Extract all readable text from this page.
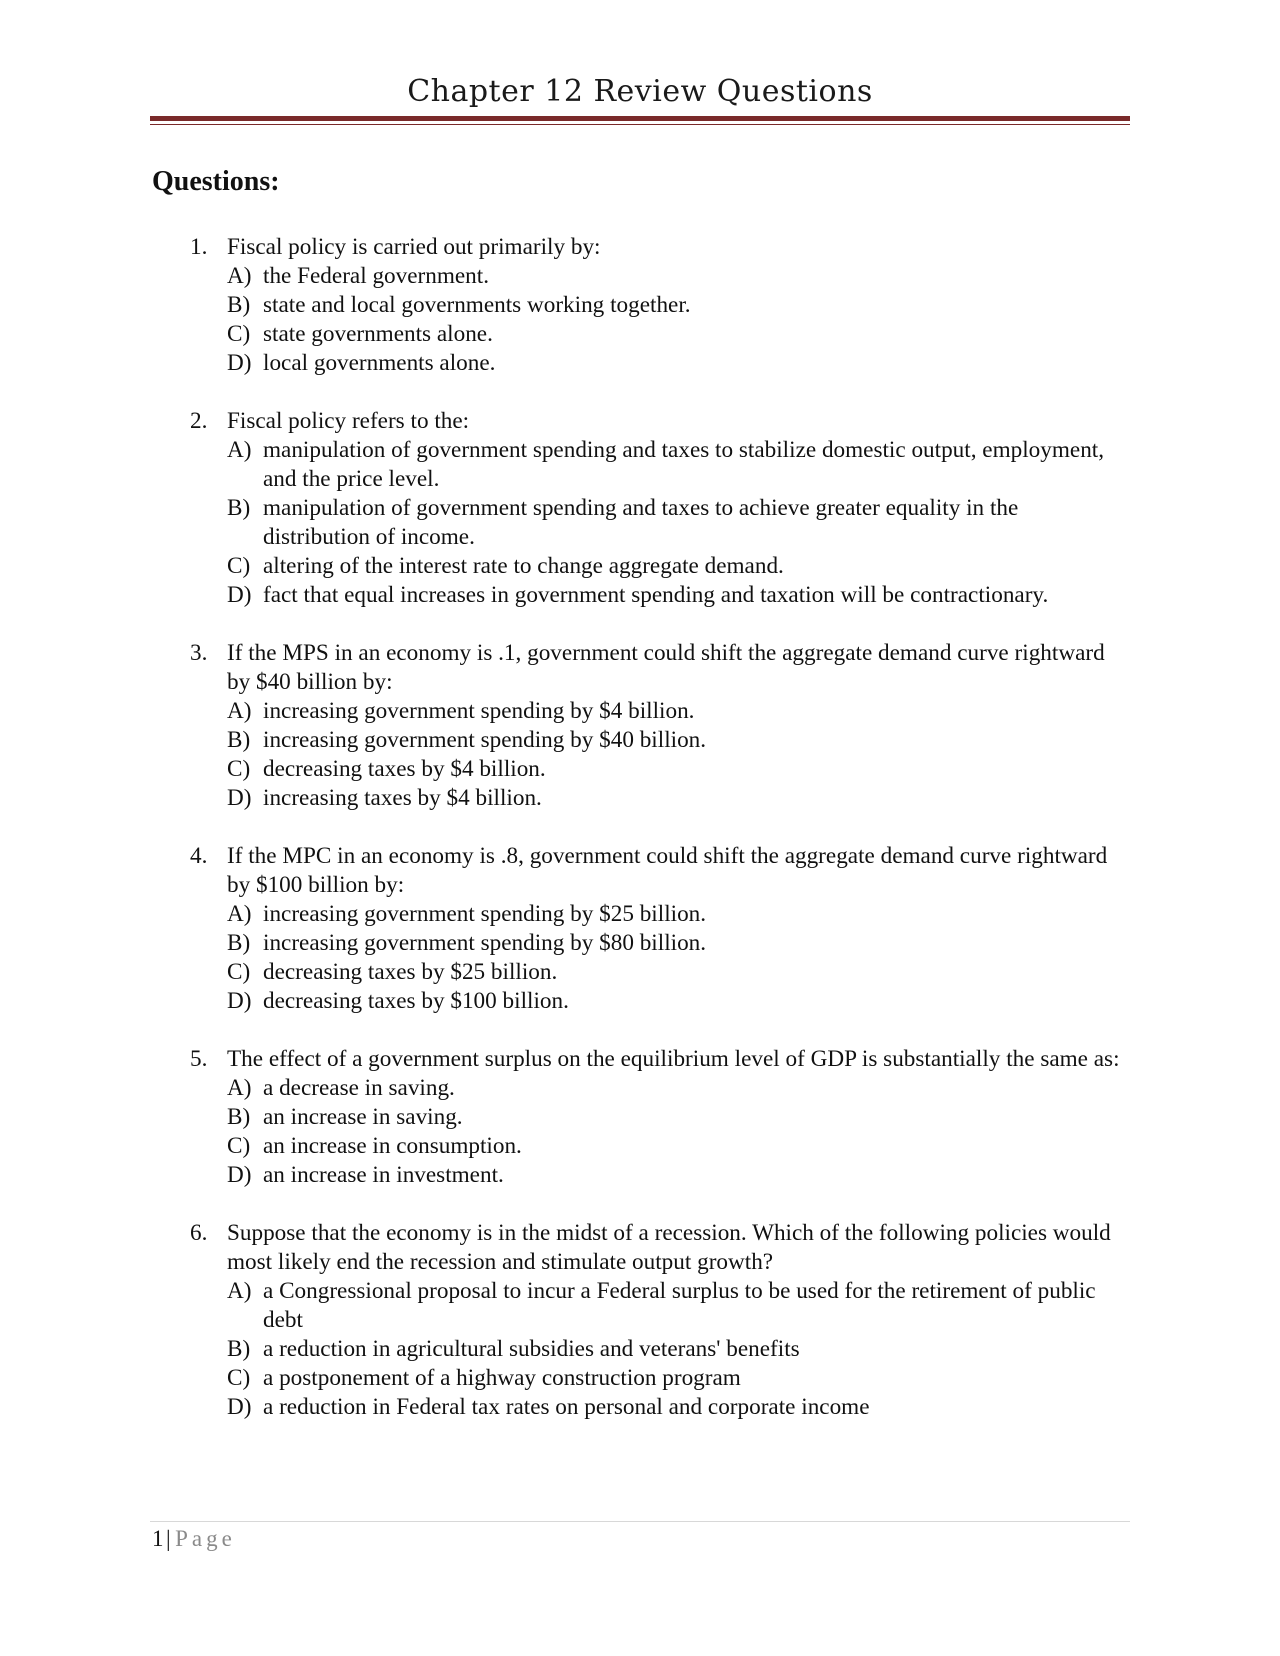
Chapter 12 Review Questions
Questions:
1. Fiscal policy is carried out primarily by:
A) the Federal government.
B) state and local governments working together.
C) state governments alone.
D) local governments alone.
2. Fiscal policy refers to the:
A) manipulation of government spending and taxes to stabilize domestic output, employment, and the price level.
B) manipulation of government spending and taxes to achieve greater equality in the distribution of income.
C) altering of the interest rate to change aggregate demand.
D) fact that equal increases in government spending and taxation will be contractionary.
3. If the MPS in an economy is .1, government could shift the aggregate demand curve rightward by $40 billion by:
A) increasing government spending by $4 billion.
B) increasing government spending by $40 billion.
C) decreasing taxes by $4 billion.
D) increasing taxes by $4 billion.
4. If the MPC in an economy is .8, government could shift the aggregate demand curve rightward by $100 billion by:
A) increasing government spending by $25 billion.
B) increasing government spending by $80 billion.
C) decreasing taxes by $25 billion.
D) decreasing taxes by $100 billion.
5. The effect of a government surplus on the equilibrium level of GDP is substantially the same as:
A) a decrease in saving.
B) an increase in saving.
C) an increase in consumption.
D) an increase in investment.
6. Suppose that the economy is in the midst of a recession. Which of the following policies would most likely end the recession and stimulate output growth?
A) a Congressional proposal to incur a Federal surplus to be used for the retirement of public debt
B) a reduction in agricultural subsidies and veterans' benefits
C) a postponement of a highway construction program
D) a reduction in Federal tax rates on personal and corporate income
1| Page
